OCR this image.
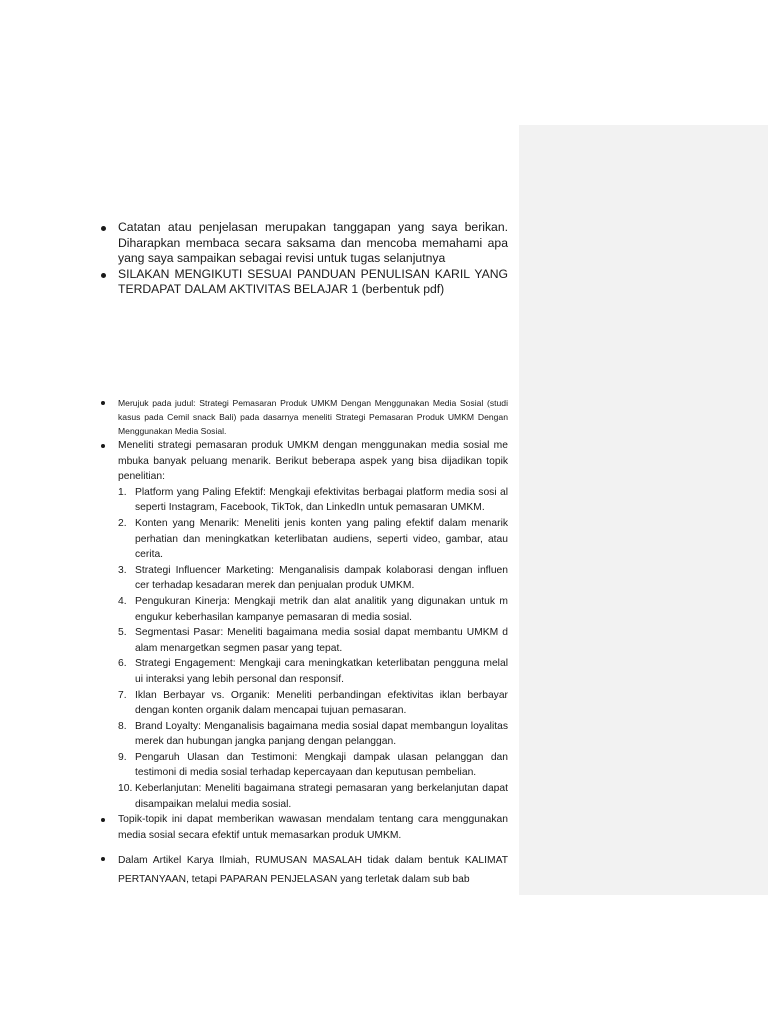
Catatan atau penjelasan merupakan tanggapan yang saya berikan. Diharapkan membaca secara saksama dan mencoba memahami apa yang saya sampaikan sebagai revisi untuk tugas selanjutnya
SILAKAN MENGIKUTI SESUAI PANDUAN PENULISAN KARIL YANG TERDAPAT DALAM AKTIVITAS BELAJAR 1 (berbentuk pdf)
Merujuk pada judul: Strategi Pemasaran Produk UMKM Dengan Menggunakan Media Sosial (studi kasus pada Cemil snack Bali) pada dasarnya meneliti Strategi Pemasaran Produk UMKM Dengan Menggunakan Media Sosial.
Meneliti strategi pemasaran produk UMKM dengan menggunakan media sosial me mbuka banyak peluang menarik. Berikut beberapa aspek yang bisa dijadikan topik penelitian:
1. Platform yang Paling Efektif: Mengkaji efektivitas berbagai platform media sosi al seperti Instagram, Facebook, TikTok, dan LinkedIn untuk pemasaran UMKM.
2. Konten yang Menarik: Meneliti jenis konten yang paling efektif dalam menarik perhatian dan meningkatkan keterlibatan audiens, seperti video, gambar, atau cerita.
3. Strategi Influencer Marketing: Menganalisis dampak kolaborasi dengan influen cer terhadap kesadaran merek dan penjualan produk UMKM.
4. Pengukuran Kinerja: Mengkaji metrik dan alat analitik yang digunakan untuk m engukur keberhasilan kampanye pemasaran di media sosial.
5. Segmentasi Pasar: Meneliti bagaimana media sosial dapat membantu UMKM d alam menargetkan segmen pasar yang tepat.
6. Strategi Engagement: Mengkaji cara meningkatkan keterlibatan pengguna melal ui interaksi yang lebih personal dan responsif.
7. Iklan Berbayar vs. Organik: Meneliti perbandingan efektivitas iklan berbayar dengan konten organik dalam mencapai tujuan pemasaran.
8. Brand Loyalty: Menganalisis bagaimana media sosial dapat membangun loyalitas merek dan hubungan jangka panjang dengan pelanggan.
9. Pengaruh Ulasan dan Testimoni: Mengkaji dampak ulasan pelanggan dan testimoni di media sosial terhadap kepercayaan dan keputusan pembelian.
10. Keberlanjutan: Meneliti bagaimana strategi pemasaran yang berkelanjutan dapat disampaikan melalui media sosial.
Topik-topik ini dapat memberikan wawasan mendalam tentang cara menggunakan media sosial secara efektif untuk memasarkan produk UMKM.
Dalam Artikel Karya Ilmiah, RUMUSAN MASALAH tidak dalam bentuk KALIMAT PERTANYAAN, tetapi PAPARAN PENJELASAN yang terletak dalam sub bab
